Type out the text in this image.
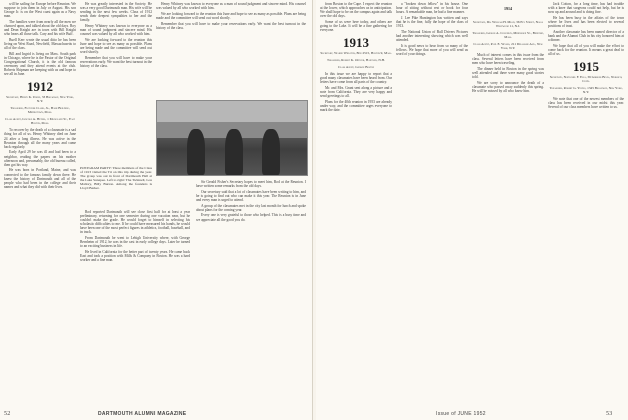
will be sailing for Europe before Reunion. We suppose to join them in July or August. His son George Jr. is on the West coast again as a Navy man.

The families were from nearly all the men we chanced upon, and talked about the old days. Roy and Dean Knight are in town with Bill Knight who hears all those talk. Cary and his wife Buff.

Buell Kerr wrote the usual ditto he has been living on West Road, Newfield, Massachusetts to all of the class.

Bill and Ingrid is living on Mass. South park in Chicago, where he is the Pastor of the Original Congregational Church, it is the old famous ceremony and they attend events at the club. Roberts Shipman are keeping with us and hope to see all in June.

1912
Secretary, Henry K. Urion, 33 Broadway, New York, N.Y.
Treasurer, Fletcher Clark, Jr., Bank Building, Middletown, Mass.
Class Agent, Lincoln A. Hetzel, 1 Mangland St., East Boston, Mass.

To recover by the death of a classmate is a sad thing for all of us. Henry Whitney died on June 24 after a long illness. He was active in the Reunion through all the many years and came back regularly.

Early April 29 he was ill and had been to a neighbor, reading the papers on his mother afternoon and, presumably, the old bureau called, then got his way.

He was born in Portland, Maine, and was connected to the famous family down there. He knew the history of Dartmouth and all of the people who had been in the college and their names and what they did with their lives.

He was greatly interested in the Society. He was a very good Dartmouth man. His wife will be sending in the next few weeks. Class of 1912 sends their deepest sympathies to her and the family.

Henry Whitney was known to everyone as a man of sound judgment and sincere mind. His counsel was valued by all who worked with him.

We are looking forward to the reunion this June and hope to see as many as possible. Plans are being made and the committee will send out word shortly.

Remember that you will have to make your reservations early. We want the best turnout in the history of the class.

POSTGRAM PARTY: Three members of the Class of 1913 visited the Tri on this trip during the year. The group was out in front of Dartmouth Hall at the Lake Sunapee. Left to right: The Twinnell, Lou Mallory, Billy Burton. Among the founders is Lloyd Barker.

Rod reported Dartmouth will see close first half for at least a year preliminary, returning for one semester during one vacation near, but he couldn't make the grade. He would forget to himself in selecting his scholastic difficulties to me. If he could have measured his hands, he would have been one of the most perfect figures in athletics, football, baseball, and in track.

From Dartmouth he went to Lehigh University where, with George Bernheim of 1912, he was in the cast in early college days. Later he turned to an exciting business in life.

He lived in California for the better part of twenty years. He came back East and took a position with Mills & Company in Boston. He was a hard worker and a fine man.

Sir Gerald Fisher's Secretary hopes to meet him, Rod at the Reunion. I have written some remarks from the old days.

Our secretary said that a lot of classmates have been writing to him, and he is going to find out who can make it this year. The Reunion is in June and every man is urged to attend.

A group of the classmates met in the city last month for lunch and spoke about plans for the coming year.

Every one is very grateful to those who helped. This is a busy time and we appreciate all the good you do.

Henry Whitney was known to everyone as a man of sound judgment and sincere mind. His counsel was valued by all who worked with him.

We are looking forward to the reunion this June and hope to see as many as possible. Plans are being made and the committee will send out word shortly.

Remember that you will have to make your reservations early. We want the best turnout in the history of the class.

52	DARTMOUTH ALUMNI MAGAZINE

from Boston to the Cape. I expect the reunion at the lower, which approaches us in anticipation. We shall hope to be on the campus again and talk over the old days.

Some of us were here today, and others are going to the Lake. It will be a fine gathering for everyone.

1913
Secretary, Warde Wheaton, Box 2515, Boston 9, Mass.
Treasurer, Robert K. Officer, Hanover, N.H.
Class Agent, George Bolton

In this issue we are happy to report that a good many classmates have been heard from. Our letters have come from all parts of the country.

Mr. and Mrs. Grant sent along a picture and a note from California. They are very happy and send greetings to all.

Plans for the 40th reunion in 1953 are already under way, and the committee urges everyone to mark the date.

a "broken down fellow" in his house. One hour of sitting without rest or book for four hours. A remarkable man, he had a fine manner.

J. Lee Pike Huntington has written and says that he is the fine, fully the hope of the class of 1913.

The National Union of Ball Drivers Pictures had another interesting showing which was well attended.

It is good news to hear from so many of the fellows. We hope that more of you will send us word of your doings.

1914
Secretary, Dr. William H. Mead, 36 Ely Street, Naval Westwood 11, N.J.
Treasurer, George A. Coughlin, Middlesex St., Bedford, Mass.
Class Agent, Paul E. Wales, 211 Delaware Ave., New York, N.Y.

Much of interest comes in this issue from the class. Several letters have been received from men who have been traveling.

The dinner held in Boston in the spring was well attended and there were many good stories told.

We are sorry to announce the death of a classmate who passed away suddenly this spring. He will be missed by all who knew him.

Jack Cotton, for a long time, has had trouble with a knee that surgeons could not help, but he is now up and around and is doing fine.

He has been busy in the affairs of the town where he lives and has been elected to several positions of trust.

Another classmate has been named director of a bank and the Alumni Club in his city honored him at a dinner.

We hope that all of you will make the effort to come back for the reunion. It means a great deal to all of us.

1915
Secretary, Nathaniel F. Ells, 36 Gibbons Blvd., Norwich, Conn.
Treasurer, Robert G. Young, 1345 Broadway, New York, N.Y.

We note that one of the newest members of the class has been received in our midst this year. Several of our class members have written to us.

Issue of JUNE 1952	53
